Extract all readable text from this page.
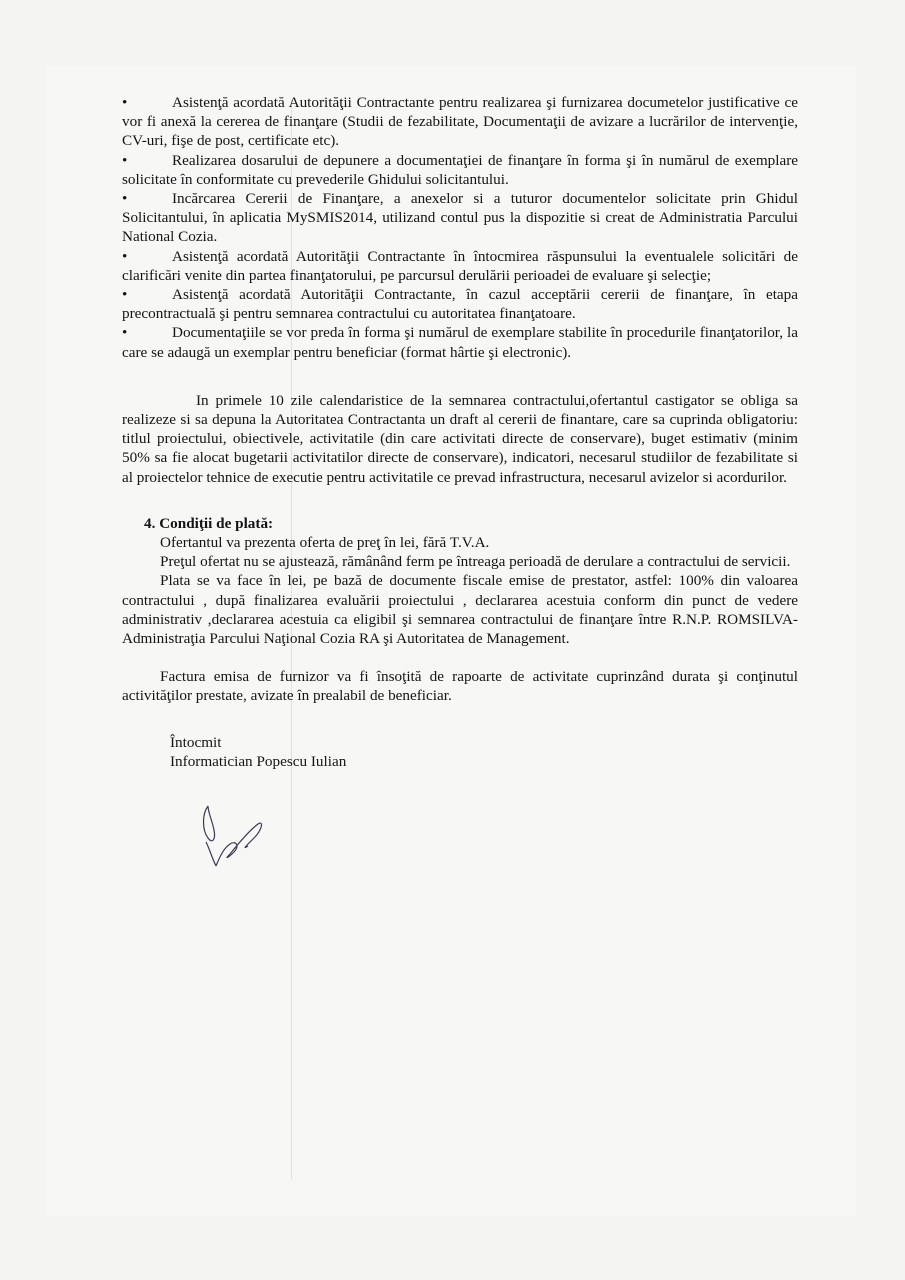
•	Asistenţă acordată Autorităţii Contractante pentru realizarea şi furnizarea documetelor justificative ce vor fi anexă la cererea de finanţare (Studii de fezabilitate, Documentaţii de avizare a lucrărilor de intervenţie, CV-uri, fişe de post, certificate etc).

•	Realizarea dosarului de depunere a documentaţiei de finanţare în forma şi în numărul de exemplare solicitate în conformitate cu prevederile Ghidului solicitantului.

•	Incărcarea Cererii de Finanţare, a anexelor si a tuturor documentelor solicitate prin Ghidul Solicitantului, în aplicatia MySMIS2014, utilizand contul pus la dispozitie si creat de Administratia Parcului National Cozia.

•	Asistenţă acordată Autorităţii Contractante în întocmirea răspunsului la eventualele solicitări de clarificări venite din partea finanţatorului, pe parcursul derulării perioadei de evaluare şi selecţie;

•	Asistenţă acordată Autorităţii Contractante, în cazul acceptării cererii de finanţare, în etapa precontractuală şi pentru semnarea contractului cu autoritatea finanţatoare.

•	Documentaţiile se vor preda în forma şi numărul de exemplare stabilite în procedurile finanţatorilor, la care se adaugă un exemplar pentru beneficiar (format hârtie şi electronic).

In primele 10 zile calendaristice de la semnarea contractului,ofertantul castigator se obliga sa realizeze si sa depuna la Autoritatea Contractanta un draft al cererii de finantare, care sa cuprinda obligatoriu: titlul proiectului, obiectivele, activitatile (din care activitati directe de conservare), buget estimativ (minim 50% sa fie alocat bugetarii activitatilor directe de conservare), indicatori, necesarul studiilor de fezabilitate si al proiectelor tehnice de executie pentru activitatile ce prevad infrastructura, necesarul avizelor si acordurilor.

4. Condiţii de plată:

Ofertantul va prezenta oferta de preţ în lei, fără T.V.A.

Preţul ofertat nu se ajustează, rămânând ferm pe întreaga perioadă de derulare a contractului de servicii.

Plata se va face în lei, pe bază de documente fiscale emise de prestator, astfel: 100% din valoarea contractului , după finalizarea evaluării proiectului , declararea acestuia conform din punct de vedere administrativ ,declararea acestuia ca eligibil şi semnarea contractului de finanţare între R.N.P. ROMSILVA-Administraţia Parcului Naţional Cozia RA şi Autoritatea de Management.

Factura emisa de furnizor va fi însoţită de rapoarte de activitate cuprinzând durata şi conţinutul activităţilor prestate, avizate în prealabil de beneficiar.

Întocmit

Informatician Popescu Iulian
